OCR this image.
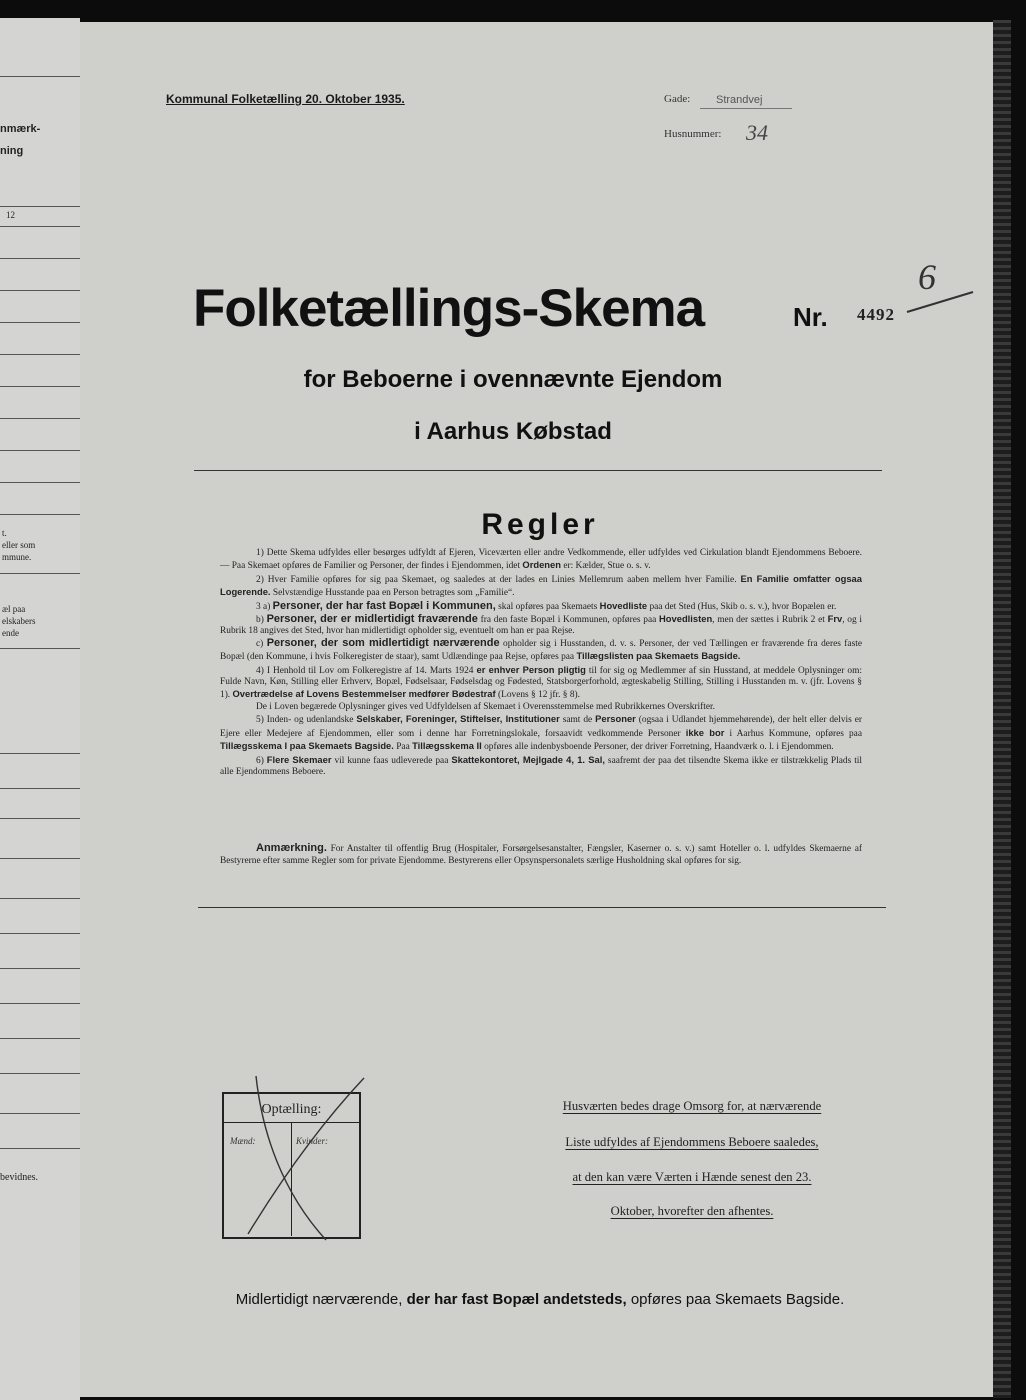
nmærk-
ning
12
t.
eller som
mmune.
æl paa
elskabers
ende
bevidnes.
Kommunal Folketælling 20. Oktober 1935.	Gade: Strandvej
Husnummer: 34
Folketællings-Skema	Nr. 4492
6
for Beboerne i ovennævnte Ejendom
i Aarhus Købstad
Regler

1) Dette Skema udfyldes eller besørges udfyldt af Ejeren, Viceværten eller andre Vedkommende, eller udfyldes ved Cirkulation blandt Ejendommens Beboere. — Paa Skemaet opføres de Familier og Personer, der findes i Ejendommen, idet Ordenen er: Kælder, Stue o. s. v.

2) Hver Familie opføres for sig paa Skemaet, og saaledes at der lades en Linies Mellemrum aaben mellem hver Familie. En Familie omfatter ogsaa Logerende. Selvstændige Husstande paa en Person betragtes som „Familie“.

3 a) Personer, der har fast Bopæl i Kommunen, skal opføres paa Skemaets Hovedliste paa det Sted (Hus, Skib o. s. v.), hvor Bopælen er.

b) Personer, der er midlertidigt fraværende fra den faste Bopæl i Kommunen, opføres paa Hovedlisten, men der sættes i Rubrik 2 et Frv, og i Rubrik 18 angives det Sted, hvor han midlertidigt opholder sig, eventuelt om han er paa Rejse.

c) Personer, der som midlertidigt nærværende opholder sig i Husstanden, d. v. s. Personer, der ved Tællingen er fraværende fra deres faste Bopæl (den Kommune, i hvis Folkeregister de staar), samt Udlændinge paa Rejse, opføres paa Tillægslisten paa Skemaets Bagside.

4) I Henhold til Lov om Folkeregistre af 14. Marts 1924 er enhver Person pligtig til for sig og Medlemmer af sin Husstand, at meddele Oplysninger om: Fulde Navn, Køn, Stilling eller Erhverv, Bopæl, Fødselsaar, Fødselsdag og Fødested, Statsborgerforhold, ægteskabelig Stilling, Stilling i Husstanden m. v. (jfr. Lovens § 1). Overtrædelse af Lovens Bestemmelser medfører Bødestraf (Lovens § 12 jfr. § 8).

De i Loven begærede Oplysninger gives ved Udfyldelsen af Skemaet i Overensstemmelse med Rubrikkernes Overskrifter.

5) Inden- og udenlandske Selskaber, Foreninger, Stiftelser, Institutioner samt de Personer (ogsaa i Udlandet hjemmehørende), der helt eller delvis er Ejere eller Medejere af Ejendommen, eller som i denne har Forretningslokale, forsaavidt vedkommende Personer ikke bor i Aarhus Kommune, opføres paa Tillægsskema I paa Skemaets Bagside. Paa Tillægsskema II opføres alle indenbysboende Personer, der driver Forretning, Haandværk o. l. i Ejendommen.

6) Flere Skemaer vil kunne faas udleverede paa Skattekontoret, Mejlgade 4, 1. Sal, saafremt der paa det tilsendte Skema ikke er tilstrækkelig Plads til alle Ejendommens Beboere.

Anmærkning. For Anstalter til offentlig Brug (Hospitaler, Forsørgelsesanstalter, Fængsler, Kaserner o. s. v.) samt Hoteller o. l. udfyldes Skemaerne af Bestyrerne efter samme Regler som for private Ejendomme. Bestyrerens eller Opsynspersonalets særlige Husholdning skal opføres for sig.
Optælling:
Mænd:	Kvinder:
Husværten bedes drage Omsorg for, at nærværende
Liste udfyldes af Ejendommens Beboere saaledes,
at den kan være Værten i Hænde senest den 23.
Oktober, hvorefter den afhentes.
Midlertidigt nærværende, der har fast Bopæl andetsteds, opføres paa Skemaets Bagside.
